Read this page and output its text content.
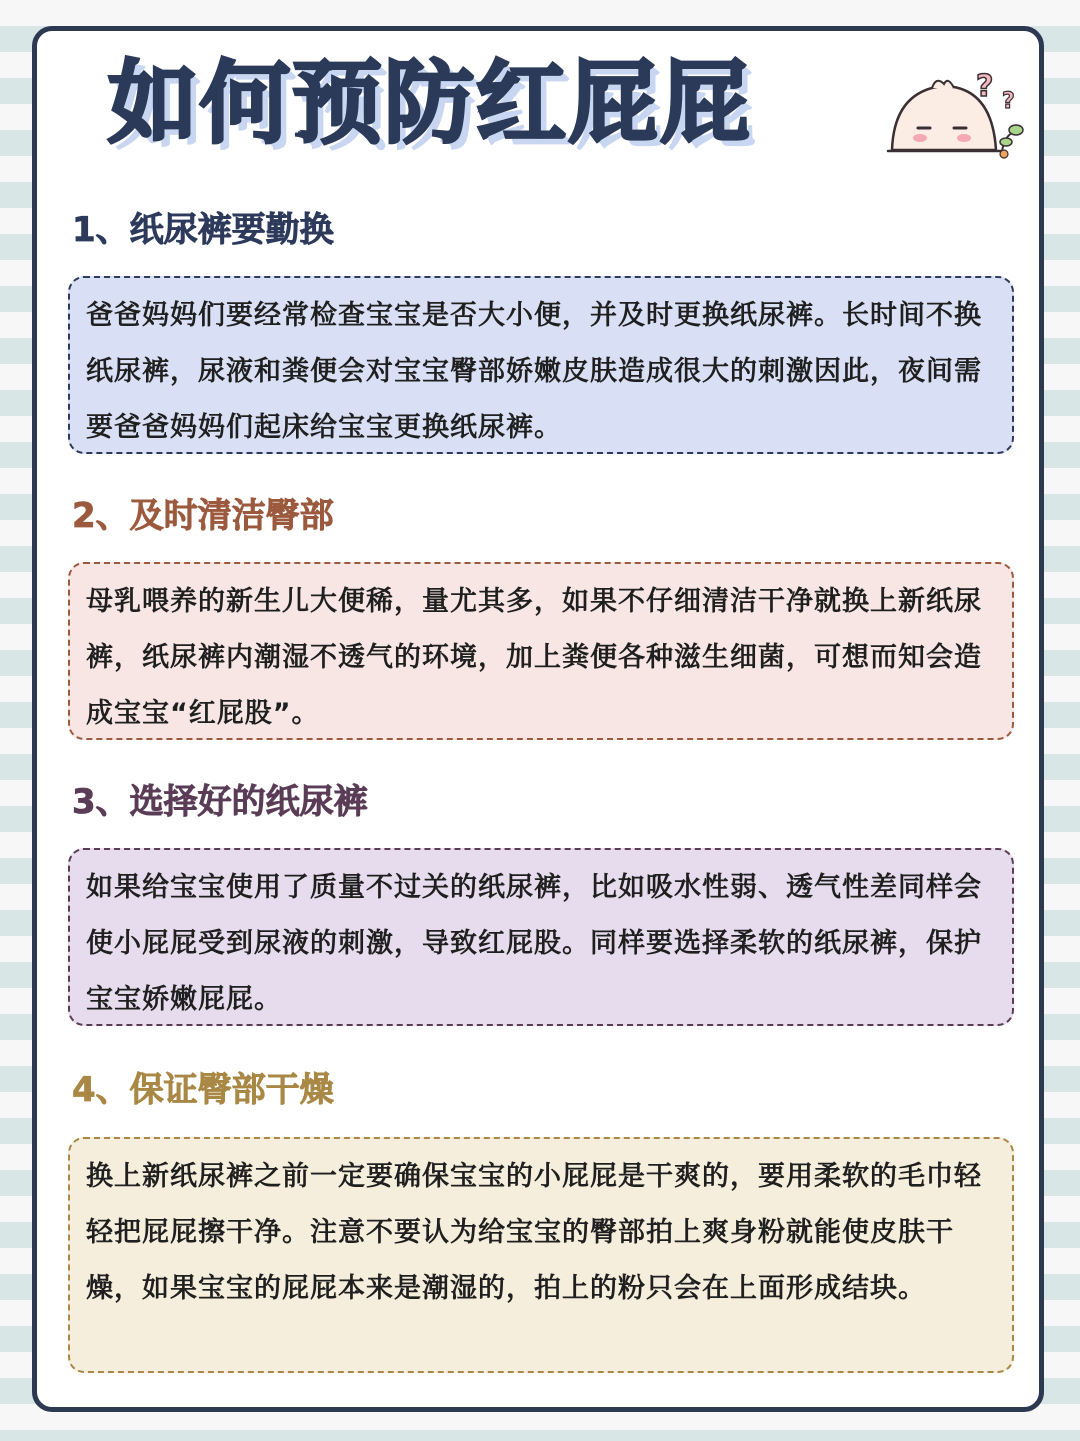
如何预防红屁屁	? ?
1、纸尿裤要勤换

爸爸妈妈们要经常检查宝宝是否大小便，并及时更换纸尿裤。长时间不换纸尿裤，尿液和粪便会对宝宝臀部娇嫩皮肤造成很大的刺激因此，夜间需要爸爸妈妈们起床给宝宝更换纸尿裤。

2、及时清洁臀部

母乳喂养的新生儿大便稀，量尤其多，如果不仔细清洁干净就换上新纸尿裤，纸尿裤内潮湿不透气的环境，加上粪便各种滋生细菌，可想而知会造成宝宝“红屁股”。

3、选择好的纸尿裤

如果给宝宝使用了质量不过关的纸尿裤，比如吸水性弱、透气性差同样会使小屁屁受到尿液的刺激，导致红屁股。同样要选择柔软的纸尿裤，保护宝宝娇嫩屁屁。

4、保证臀部干燥

换上新纸尿裤之前一定要确保宝宝的小屁屁是干爽的，要用柔软的毛巾轻轻把屁屁擦干净。注意不要认为给宝宝的臀部拍上爽身粉就能使皮肤干燥，如果宝宝的屁屁本来是潮湿的，拍上的粉只会在上面形成结块。
